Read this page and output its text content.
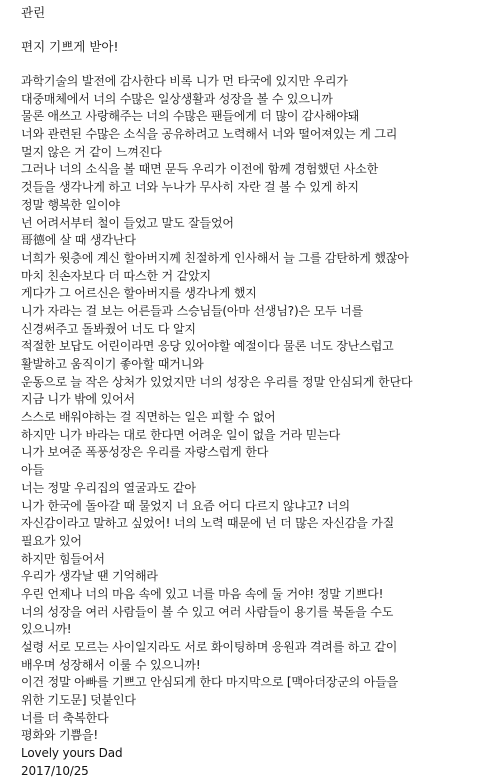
관린
편지 기쁘게 받아!
과학기술의 발전에 감사한다 비록 니가 먼 타국에 있지만 우리가
대중매체에서 너의 수많은 일상생활과 성장을 볼 수 있으니까
물론 애쓰고 사랑해주는 너의 수많은 팬들에게 더 많이 감사해야돼
너와 관련된 수많은 소식을 공유하려고 노력해서 너와 떨어져있는 게 그리
멀지 않은 거 같이 느껴진다
그러나 너의 소식을 볼 때면 문득 우리가 이전에 함께 경험했던 사소한
것들을 생각나게 하고 너와 누나가 무사히 자란 걸 볼 수 있게 하지
정말 행복한 일이야
넌 어려서부터 철이 들었고 말도 잘들었어
哥德에 살 때 생각난다
너희가 윗층에 계신 할아버지께 친절하게 인사해서 늘 그를 감탄하게 했잖아
마치 친손자보다 더 따스한 거 같았지
게다가 그 어르신은 할아버지를 생각나게 했지
니가 자라는 걸 보는 어른들과 스승님들(아마 선생님?)은 모두 너를
신경써주고 돌봐줬어 너도 다 알지
적절한 보답도 어린이라면 응당 있어야할 예절이다 물론 너도 장난스럽고
활발하고 움직이기 좋아할 때거니와
운동으로 늘 작은 상처가 있었지만 너의 성장은 우리를 정말 안심되게 한단다
지금 니가 밖에 있어서
스스로 배워야하는 걸 직면하는 일은 피할 수 없어
하지만 니가 바라는 대로 한다면 어려운 일이 없을 거라 믿는다
니가 보여준 폭풍성장은 우리를 자랑스럽게 한다
아들
너는 정말 우리집의 열굴과도 같아
니가 한국에 돌아갈 때 물었지 너 요즘 어디 다르지 않냐고? 너의
자신감이라고 말하고 싶었어! 너의 노력 때문에 넌 더 많은 자신감을 가질
필요가 있어
하지만 힘들어서
우리가 생각날 땐 기억해라
우린 언제나 너의 마음 속에 있고 너를 마음 속에 둘 거야! 정말 기쁘다!
너의 성장을 여러 사람들이 볼 수 있고 여러 사람들이 용기를 북돋을 수도
있으니까!
설령 서로 모르는 사이일지라도 서로 화이팅하며 응원과 격려를 하고 같이
배우며 성장해서 이룰 수 있으니까!
이건 정말 아빠를 기쁘고 안심되게 한다 마지막으로 [맥아더장군의 아들을
위한 기도문] 덧붙인다
너를 더 축복한다
평화와 기쁨을!
Lovely yours Dad
2017/10/25
